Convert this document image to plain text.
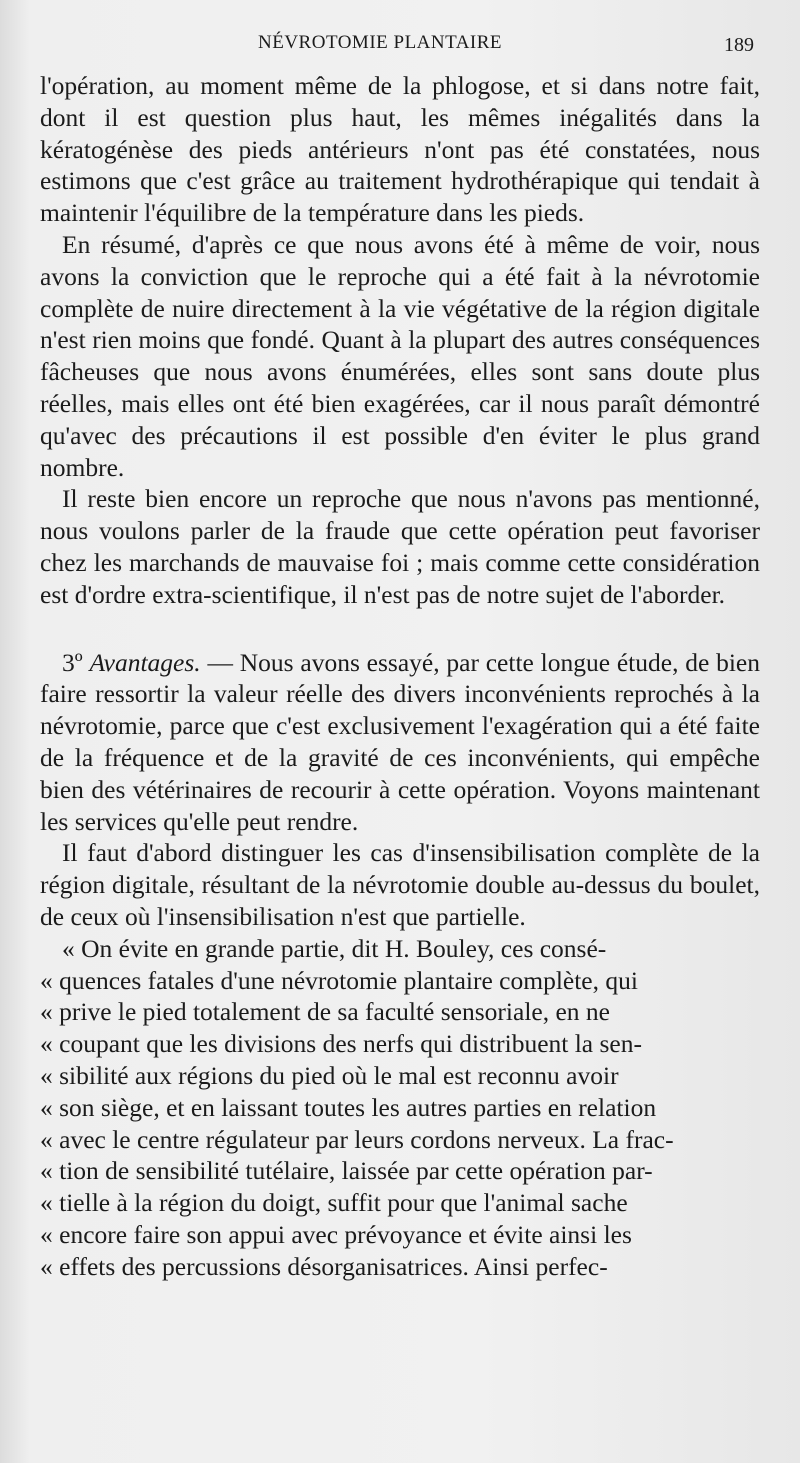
NÉVROTOMIE PLANTAIRE	189

l'opération, au moment même de la phlogose, et si dans notre fait, dont il est question plus haut, les mêmes inégalités dans la kératogénèse des pieds antérieurs n'ont pas été constatées, nous estimons que c'est grâce au traitement hydrothérapique qui tendait à maintenir l'équilibre de la température dans les pieds.

En résumé, d'après ce que nous avons été à même de voir, nous avons la conviction que le reproche qui a été fait à la névrotomie complète de nuire directement à la vie végétative de la région digitale n'est rien moins que fondé. Quant à la plupart des autres conséquences fâcheuses que nous avons énumérées, elles sont sans doute plus réelles, mais elles ont été bien exagérées, car il nous paraît démontré qu'avec des précautions il est possible d'en éviter le plus grand nombre.

Il reste bien encore un reproche que nous n'avons pas mentionné, nous voulons parler de la fraude que cette opération peut favoriser chez les marchands de mauvaise foi ; mais comme cette considération est d'ordre extra-scientifique, il n'est pas de notre sujet de l'aborder.

3º Avantages. — Nous avons essayé, par cette longue étude, de bien faire ressortir la valeur réelle des divers inconvénients reprochés à la névrotomie, parce que c'est exclusivement l'exagération qui a été faite de la fréquence et de la gravité de ces inconvénients, qui empêche bien des vétérinaires de recourir à cette opération. Voyons maintenant les services qu'elle peut rendre.

Il faut d'abord distinguer les cas d'insensibilisation complète de la région digitale, résultant de la névrotomie double au-dessus du boulet, de ceux où l'insensibilisation n'est que partielle.

« On évite en grande partie, dit H. Bouley, ces consé-
« quences fatales d'une névrotomie plantaire complète, qui
« prive le pied totalement de sa faculté sensoriale, en ne
« coupant que les divisions des nerfs qui distribuent la sen-
« sibilité aux régions du pied où le mal est reconnu avoir
« son siège, et en laissant toutes les autres parties en relation
« avec le centre régulateur par leurs cordons nerveux. La frac-
« tion de sensibilité tutélaire, laissée par cette opération par-
« tielle à la région du doigt, suffit pour que l'animal sache
« encore faire son appui avec prévoyance et évite ainsi les
« effets des percussions désorganisatrices. Ainsi perfec-
